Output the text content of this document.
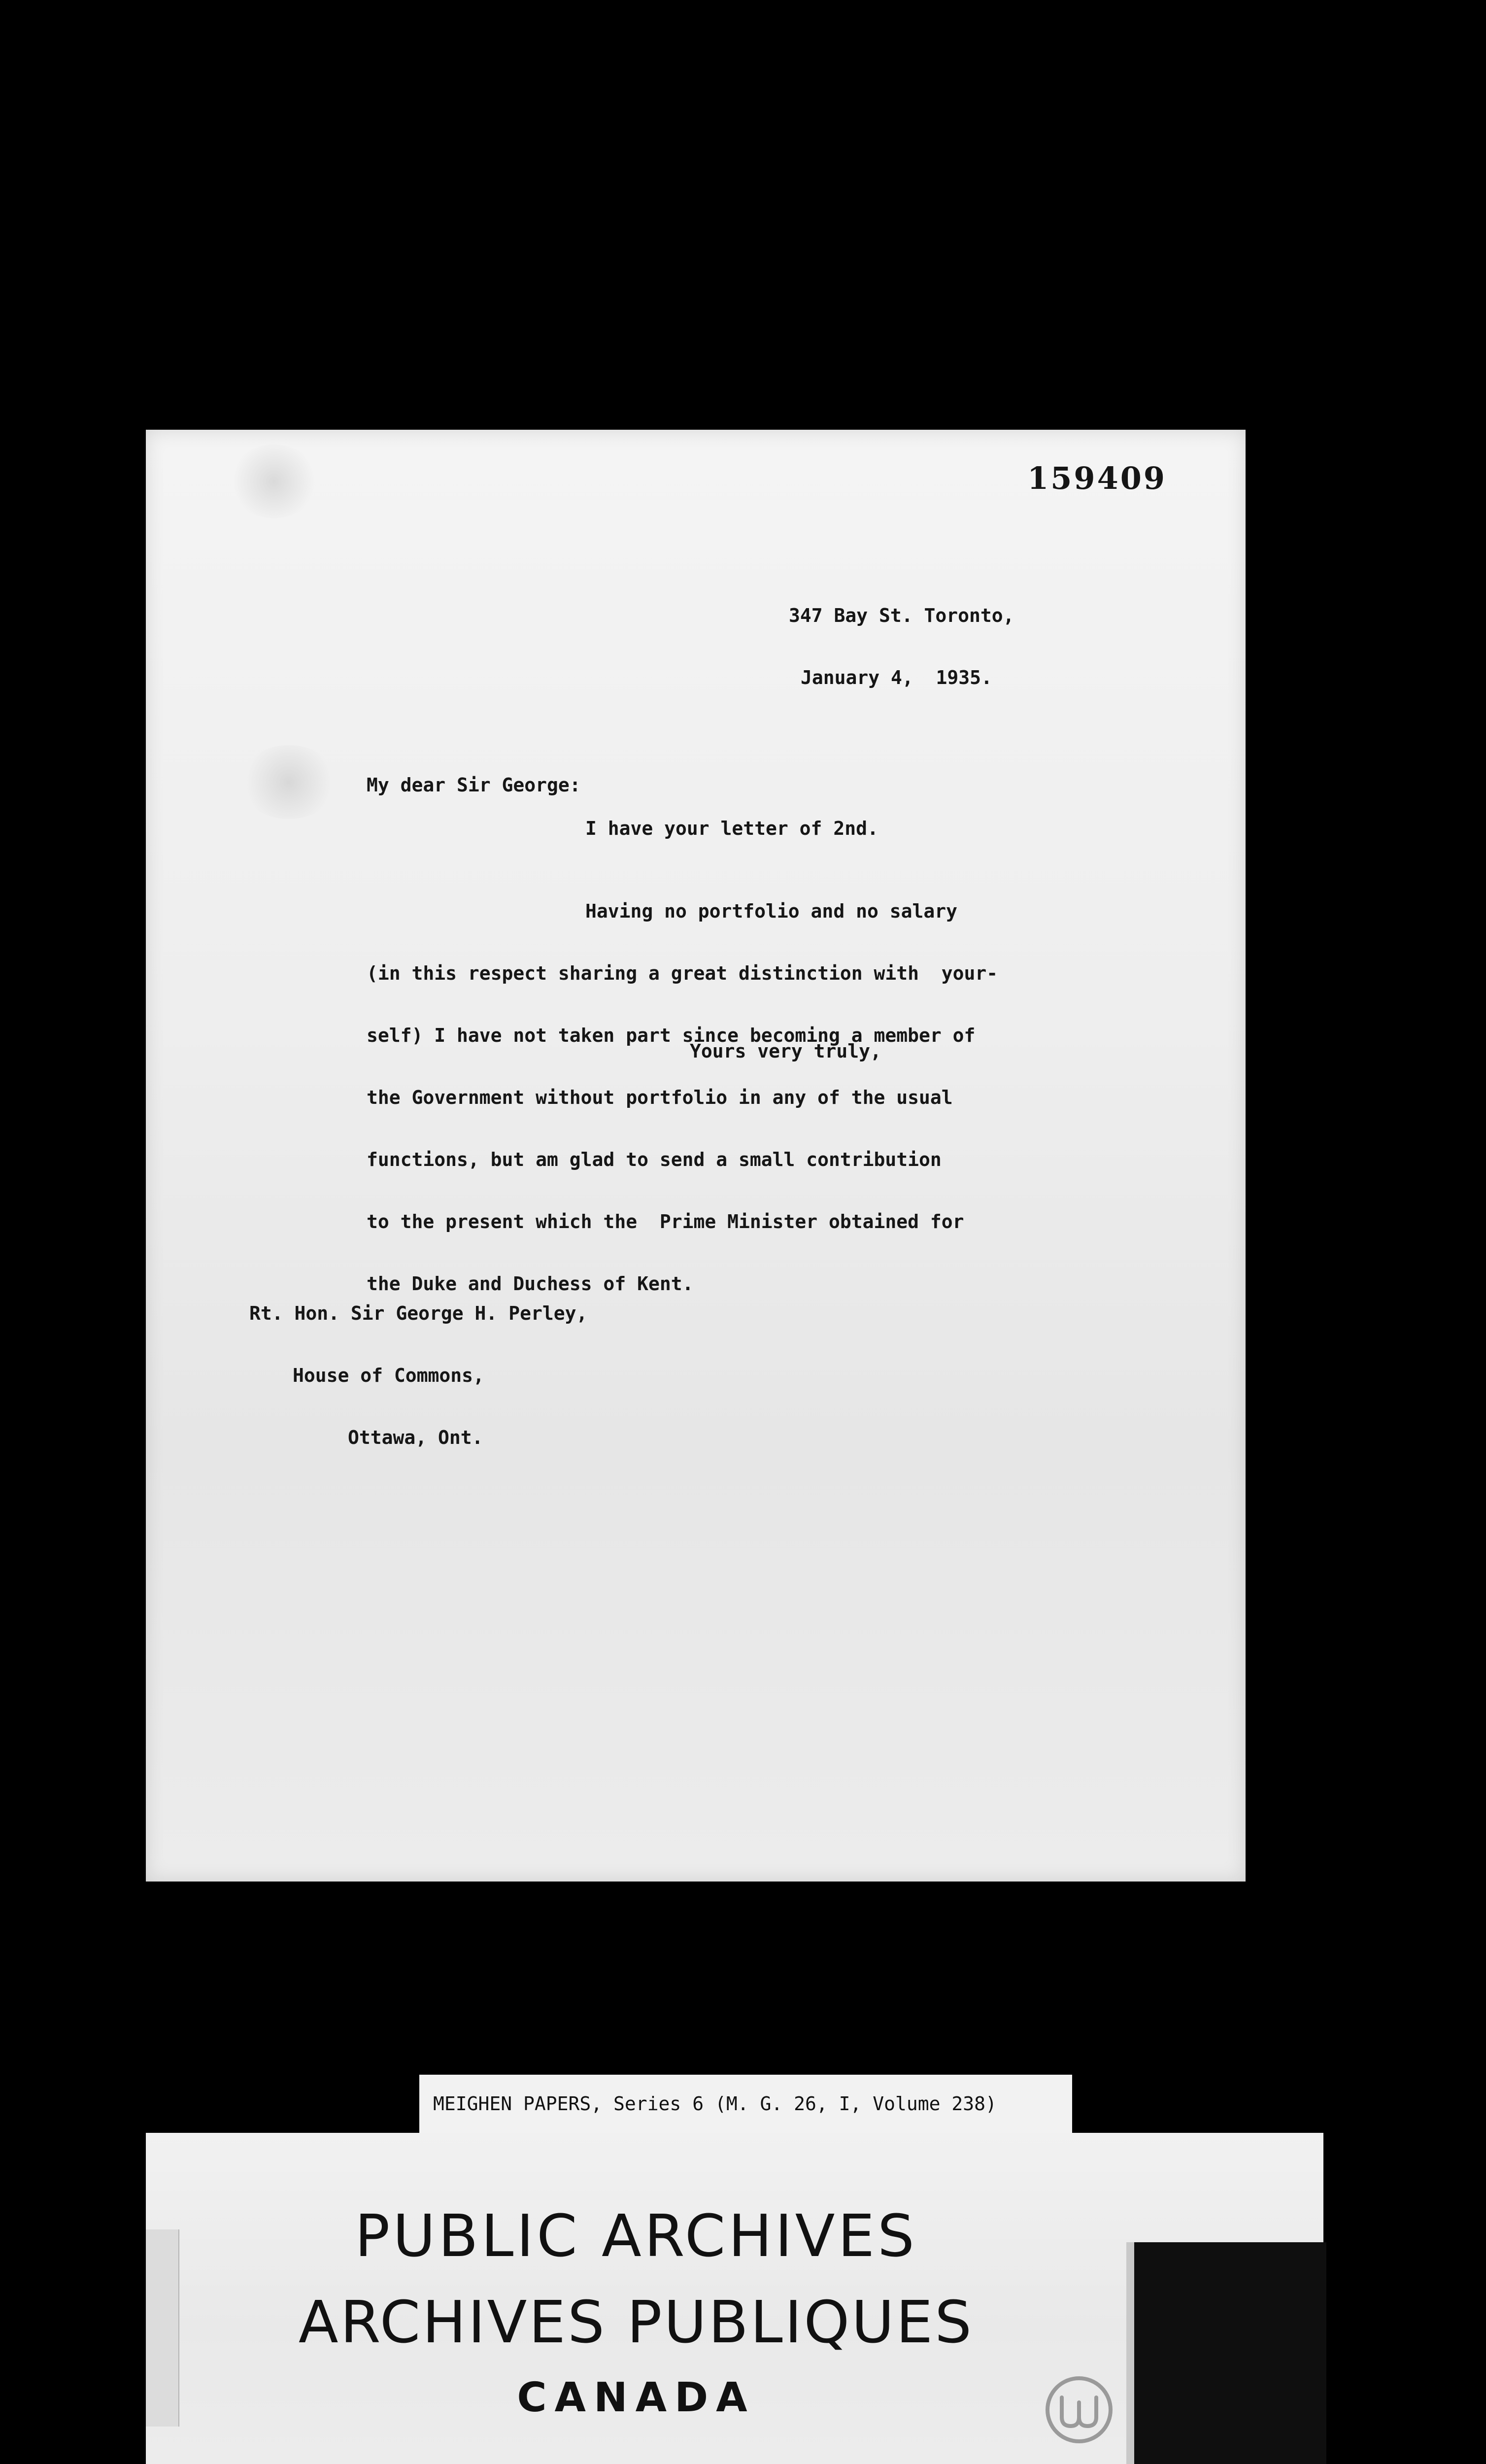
159409

347 Bay St. Toronto,

January 4,  1935.

My dear Sir George:
I have your letter of 2nd.

Having no portfolio and no salary

(in this respect sharing a great distinction with  your-

self) I have not taken part since becoming a member of

the Government without portfolio in any of the usual

functions, but am glad to send a small contribution

to the present which the  Prime Minister obtained for

the Duke and Duchess of Kent.

Yours very truly,

Rt. Hon. Sir George H. Perley,

House of Commons,

Ottawa, Ont.

MEIGHEN PAPERS, Series 6 (M. G. 26, I, Volume 238)
PUBLIC ARCHIVES
ARCHIVES PUBLIQUES
CANADA
